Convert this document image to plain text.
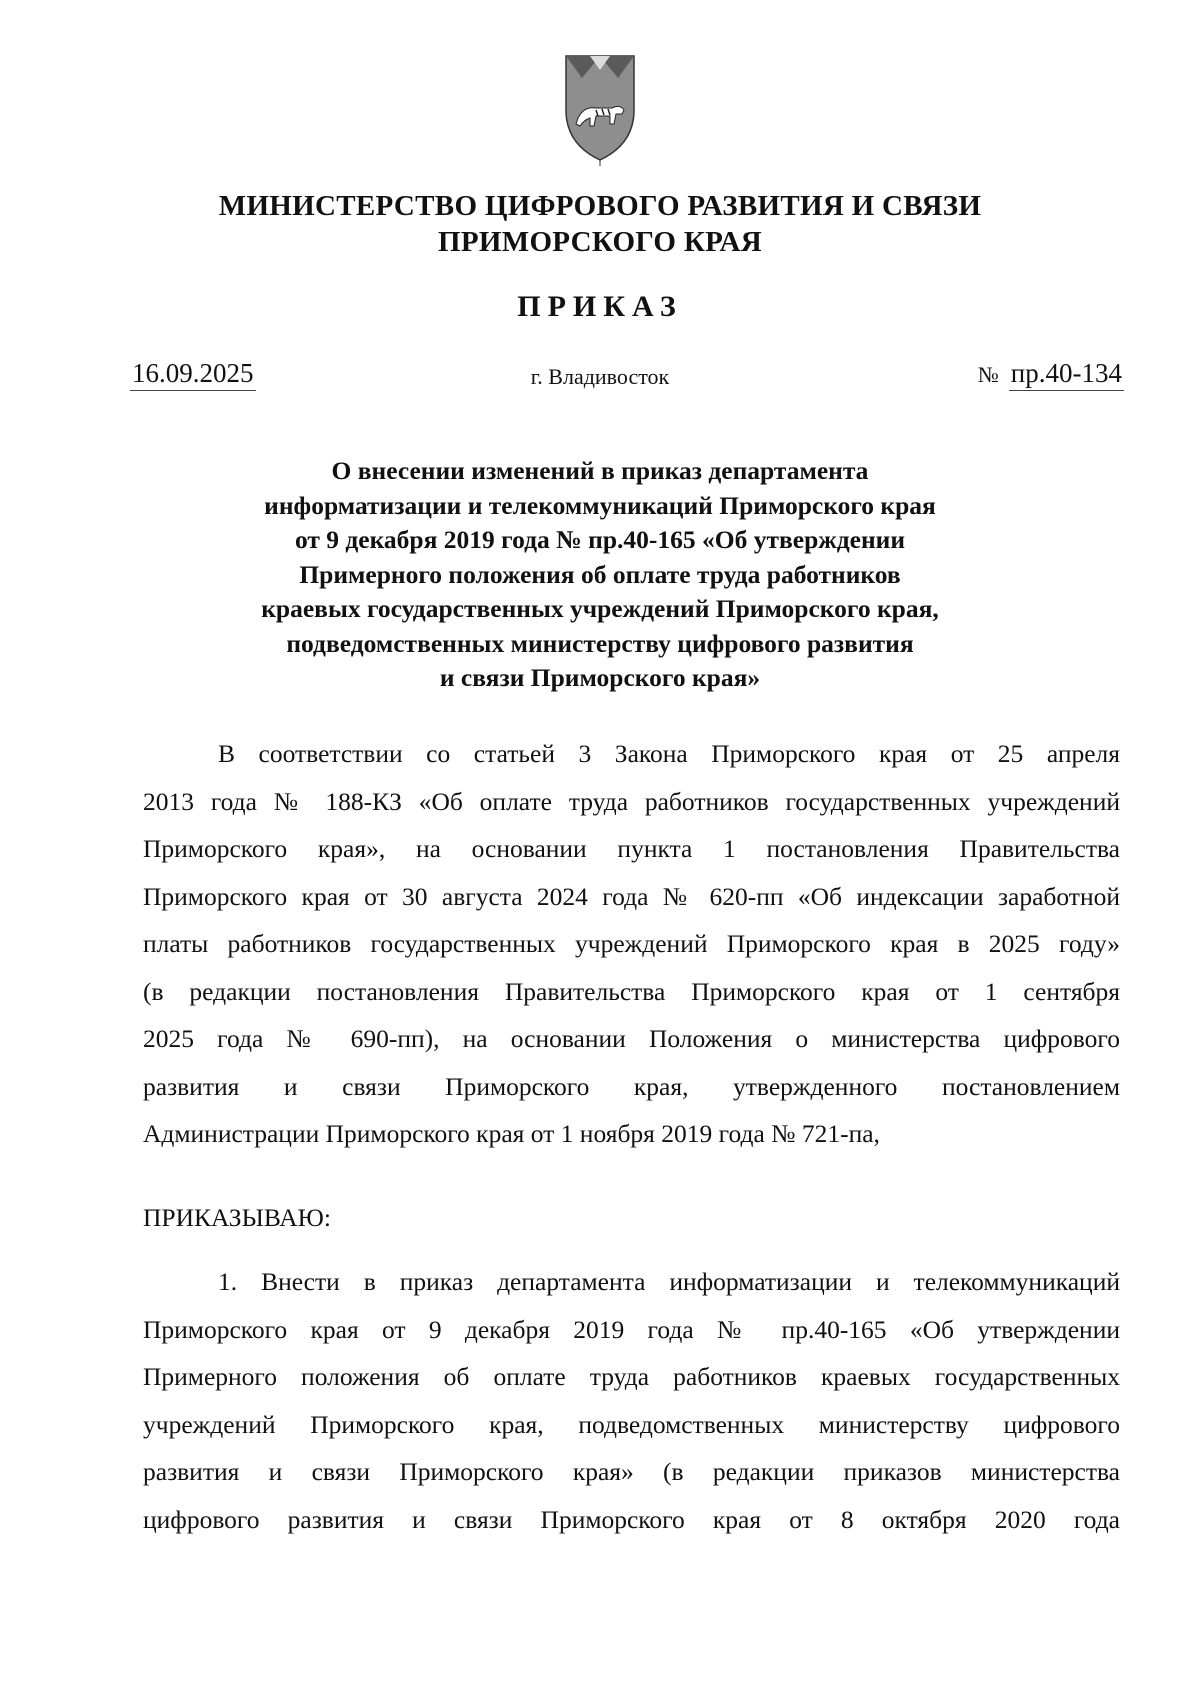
МИНИСТЕРСТВО ЦИФРОВОГО РАЗВИТИЯ И СВЯЗИ
ПРИМОРСКОГО КРАЯ
ПРИКАЗ
16.09.2025	г. Владивосток	№ пр.40-134
О внесении изменений в приказ департамента
информатизации и телекоммуникаций Приморского края
от 9 декабря 2019 года № пр.40-165 «Об утверждении
Примерного положения об оплате труда работников
краевых государственных учреждений Приморского края,
подведомственных министерству цифрового развития
и связи Приморского края»
В соответствии со статьей 3 Закона Приморского края от 25 апреля
2013 года № 188-КЗ «Об оплате труда работников государственных учреждений
Приморского края», на основании пункта 1 постановления Правительства
Приморского края от 30 августа 2024 года № 620-пп «Об индексации заработной
платы работников государственных учреждений Приморского края в 2025 году»
(в редакции постановления Правительства Приморского края от 1 сентября
2025 года № 690-пп), на основании Положения о министерства цифрового
развития и связи Приморского края, утвержденного постановлением
Администрации Приморского края от 1 ноября 2019 года № 721-па,
ПРИКАЗЫВАЮ:
1. Внести в приказ департамента информатизации и телекоммуникаций
Приморского края от 9 декабря 2019 года № пр.40-165 «Об утверждении
Примерного положения об оплате труда работников краевых государственных
учреждений Приморского края, подведомственных министерству цифрового
развития и связи Приморского края» (в редакции приказов министерства
цифрового развития и связи Приморского края от 8 октября 2020 года
